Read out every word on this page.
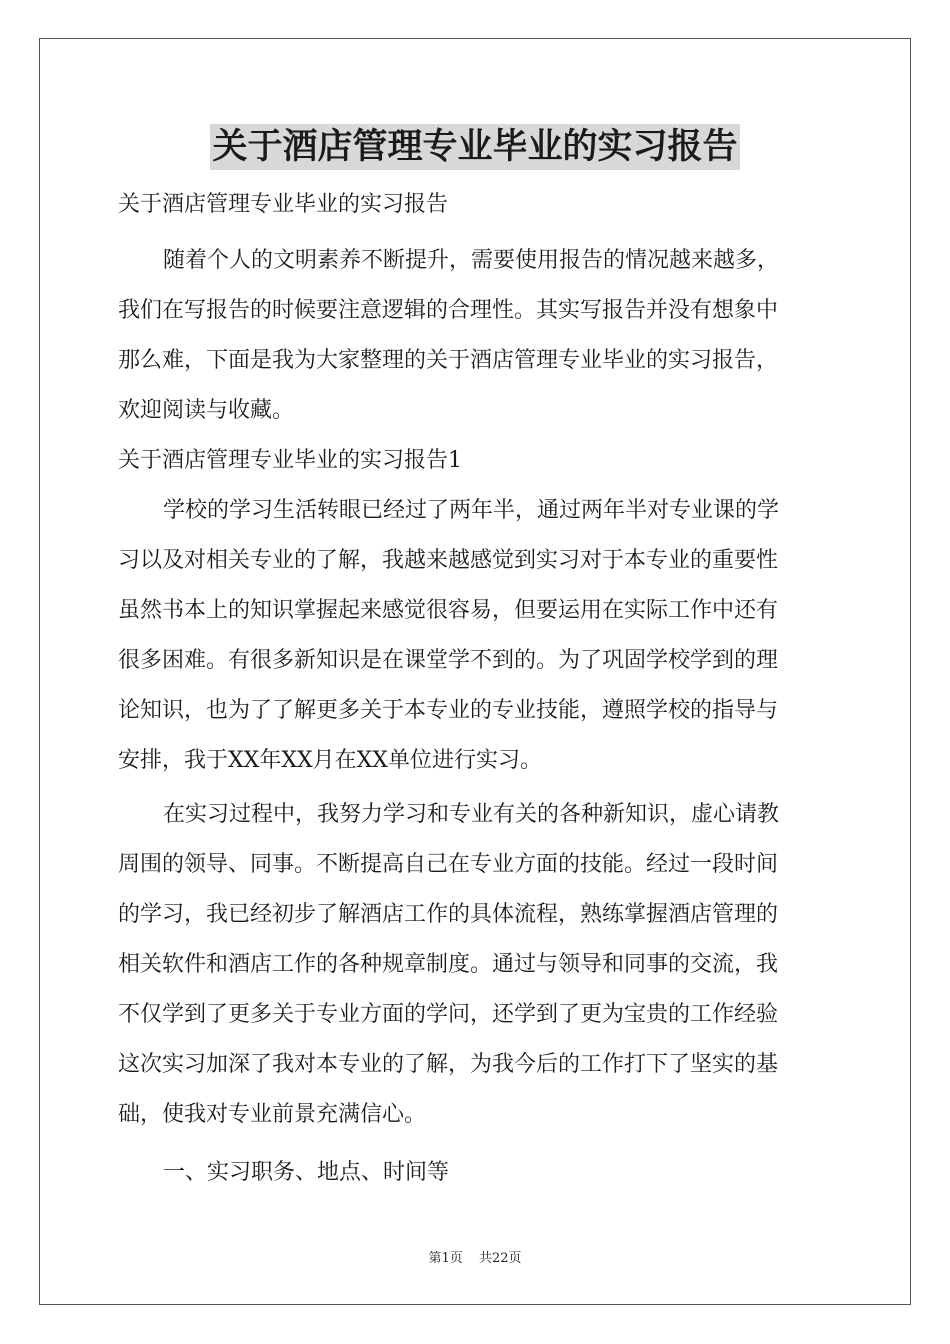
关于酒店管理专业毕业的实习报告
关于酒店管理专业毕业的实习报告
随着个人的文明素养不断提升，需要使用报告的情况越来越多，
我们在写报告的时候要注意逻辑的合理性。其实写报告并没有想象中
那么难，下面是我为大家整理的关于酒店管理专业毕业的实习报告，
欢迎阅读与收藏。
关于酒店管理专业毕业的实习报告1
学校的学习生活转眼已经过了两年半，通过两年半对专业课的学
习以及对相关专业的了解，我越来越感觉到实习对于本专业的重要性
虽然书本上的知识掌握起来感觉很容易，但要运用在实际工作中还有
很多困难。有很多新知识是在课堂学不到的。为了巩固学校学到的理
论知识，也为了了解更多关于本专业的专业技能，遵照学校的指导与
安排，我于XX年XX月在XX单位进行实习。
在实习过程中，我努力学习和专业有关的各种新知识，虚心请教
周围的领导、同事。不断提高自己在专业方面的技能。经过一段时间
的学习，我已经初步了解酒店工作的具体流程，熟练掌握酒店管理的
相关软件和酒店工作的各种规章制度。通过与领导和同事的交流，我
不仅学到了更多关于专业方面的学问，还学到了更为宝贵的工作经验
这次实习加深了我对本专业的了解，为我今后的工作打下了坚实的基
础，使我对专业前景充满信心。
一、实习职务、地点、时间等
第1页 共22页
